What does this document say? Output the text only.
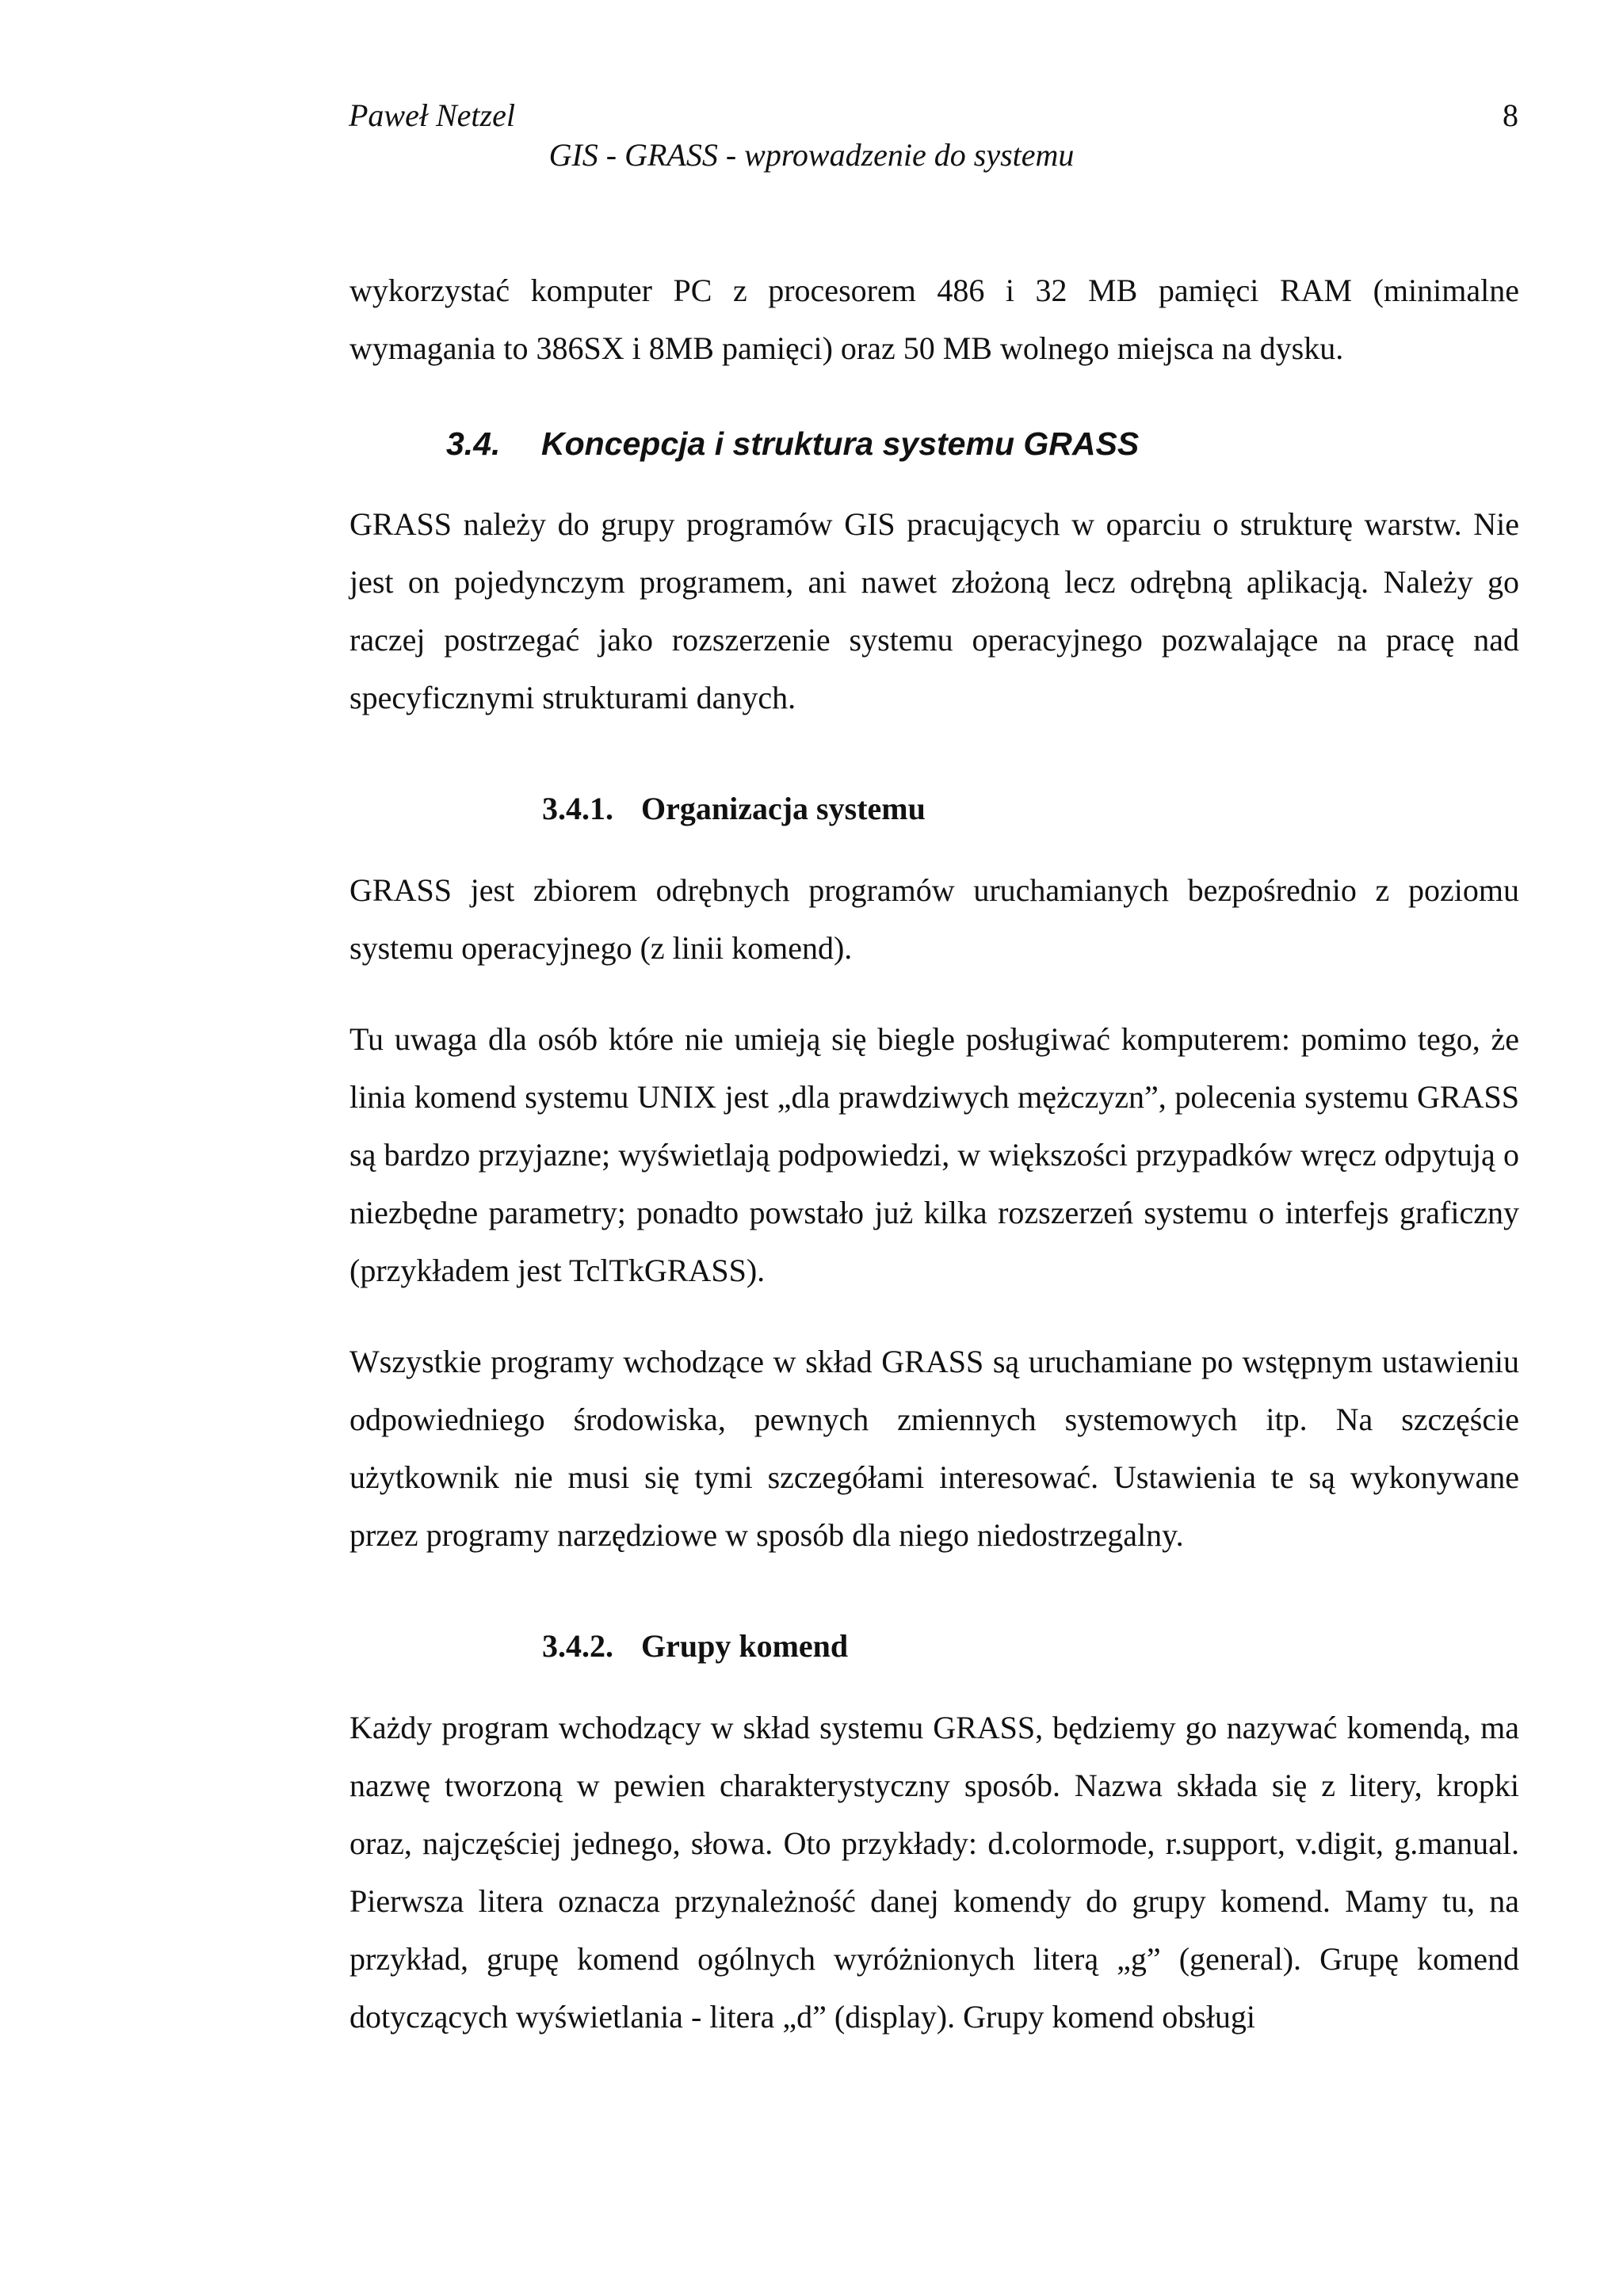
Paweł Netzel	8
GIS - GRASS - wprowadzenie do systemu

wykorzystać komputer PC z procesorem 486 i 32 MB pamięci RAM (minimalne wymagania to 386SX i 8MB pamięci) oraz 50 MB wolnego miejsca na dysku.

3.4. Koncepcja i struktura systemu GRASS

GRASS należy do grupy programów GIS pracujących w oparciu o strukturę warstw. Nie jest on pojedynczym programem, ani nawet złożoną lecz odrębną aplikacją. Należy go raczej postrzegać jako rozszerzenie systemu operacyjnego pozwalające na pracę nad specyficznymi strukturami danych.

3.4.1. Organizacja systemu

GRASS jest zbiorem odrębnych programów uruchamianych bezpośrednio z poziomu systemu operacyjnego (z linii komend).

Tu uwaga dla osób które nie umieją się biegle posługiwać komputerem: pomimo tego, że linia komend systemu UNIX jest „dla prawdziwych mężczyzn”, polecenia systemu GRASS są bardzo przyjazne; wyświetlają podpowiedzi, w większości przypadków wręcz odpytują o niezbędne parametry; ponadto powstało już kilka rozszerzeń systemu o interfejs graficzny (przykładem jest TclTkGRASS).

Wszystkie programy wchodzące w skład GRASS są uruchamiane po wstępnym ustawieniu odpowiedniego środowiska, pewnych zmiennych systemowych itp. Na szczęście użytkownik nie musi się tymi szczegółami interesować. Ustawienia te są wykonywane przez programy narzędziowe w sposób dla niego niedostrzegalny.

3.4.2. Grupy komend

Każdy program wchodzący w skład systemu GRASS, będziemy go nazywać komendą, ma nazwę tworzoną w pewien charakterystyczny sposób. Nazwa składa się z litery, kropki oraz, najczęściej jednego, słowa. Oto przykłady: d.colormode, r.support, v.digit, g.manual. Pierwsza litera oznacza przynależność danej komendy do grupy komend. Mamy tu, na przykład, grupę komend ogólnych wyróżnionych literą „g” (general). Grupę komend dotyczących wyświetlania - litera „d” (display). Grupy komend obsługi
